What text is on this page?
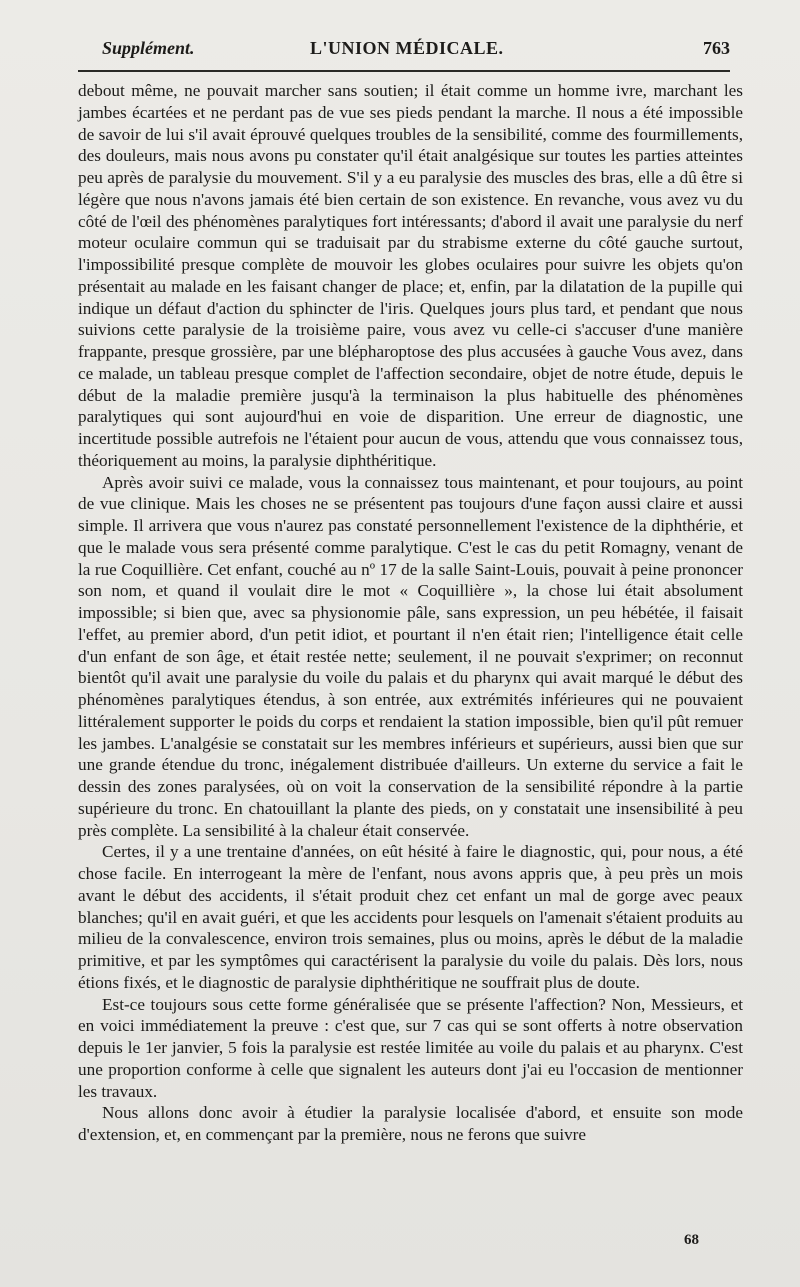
Supplément.	L'UNION MÉDICALE.	763

debout même, ne pouvait marcher sans soutien; il était comme un homme ivre, marchant les jambes écartées et ne perdant pas de vue ses pieds pendant la marche. Il nous a été impossible de savoir de lui s'il avait éprouvé quelques troubles de la sensibilité, comme des fourmillements, des douleurs, mais nous avons pu constater qu'il était analgésique sur toutes les parties atteintes peu après de paralysie du mouvement. S'il y a eu paralysie des muscles des bras, elle a dû être si légère que nous n'avons jamais été bien certain de son existence. En revanche, vous avez vu du côté de l'œil des phénomènes paralytiques fort intéressants; d'abord il avait une paralysie du nerf moteur oculaire commun qui se traduisait par du strabisme externe du côté gauche surtout, l'impossibilité presque complète de mouvoir les globes oculaires pour suivre les objets qu'on présentait au malade en les faisant changer de place; et, enfin, par la dilatation de la pupille qui indique un défaut d'action du sphincter de l'iris. Quelques jours plus tard, et pendant que nous suivions cette paralysie de la troisième paire, vous avez vu celle-ci s'accuser d'une manière frappante, presque grossière, par une blépharoptose des plus accusées à gauche Vous avez, dans ce malade, un tableau presque complet de l'affection secondaire, objet de notre étude, depuis le début de la maladie première jusqu'à la terminaison la plus habituelle des phénomènes paralytiques qui sont aujourd'hui en voie de disparition. Une erreur de diagnostic, une incertitude possible autrefois ne l'étaient pour aucun de vous, attendu que vous connaissez tous, théoriquement au moins, la paralysie diphthéritique.

Après avoir suivi ce malade, vous la connaissez tous maintenant, et pour toujours, au point de vue clinique. Mais les choses ne se présentent pas toujours d'une façon aussi claire et aussi simple. Il arrivera que vous n'aurez pas constaté personnellement l'existence de la diphthérie, et que le malade vous sera présenté comme paralytique. C'est le cas du petit Romagny, venant de la rue Coquillière. Cet enfant, couché au nº 17 de la salle Saint-Louis, pouvait à peine prononcer son nom, et quand il voulait dire le mot « Coquillière », la chose lui était absolument impossible; si bien que, avec sa physionomie pâle, sans expression, un peu hébétée, il faisait l'effet, au premier abord, d'un petit idiot, et pourtant il n'en était rien; l'intelligence était celle d'un enfant de son âge, et était restée nette; seulement, il ne pouvait s'exprimer; on reconnut bientôt qu'il avait une paralysie du voile du palais et du pharynx qui avait marqué le début des phénomènes paralytiques étendus, à son entrée, aux extrémités inférieures qui ne pouvaient littéralement supporter le poids du corps et rendaient la station impossible, bien qu'il pût remuer les jambes. L'analgésie se constatait sur les membres inférieurs et supérieurs, aussi bien que sur une grande étendue du tronc, inégalement distribuée d'ailleurs. Un externe du service a fait le dessin des zones paralysées, où on voit la conservation de la sensibilité répondre à la partie supérieure du tronc. En chatouillant la plante des pieds, on y constatait une insensibilité à peu près complète. La sensibilité à la chaleur était conservée.

Certes, il y a une trentaine d'années, on eût hésité à faire le diagnostic, qui, pour nous, a été chose facile. En interrogeant la mère de l'enfant, nous avons appris que, à peu près un mois avant le début des accidents, il s'était produit chez cet enfant un mal de gorge avec peaux blanches; qu'il en avait guéri, et que les accidents pour lesquels on l'amenait s'étaient produits au milieu de la convalescence, environ trois semaines, plus ou moins, après le début de la maladie primitive, et par les symptômes qui caractérisent la paralysie du voile du palais. Dès lors, nous étions fixés, et le diagnostic de paralysie diphthéritique ne souffrait plus de doute.

Est-ce toujours sous cette forme généralisée que se présente l'affection? Non, Messieurs, et en voici immédiatement la preuve : c'est que, sur 7 cas qui se sont offerts à notre observation depuis le 1er janvier, 5 fois la paralysie est restée limitée au voile du palais et au pharynx. C'est une proportion conforme à celle que signalent les auteurs dont j'ai eu l'occasion de mentionner les travaux.

Nous allons donc avoir à étudier la paralysie localisée d'abord, et ensuite son mode d'extension, et, en commençant par la première, nous ne ferons que suivre

68
